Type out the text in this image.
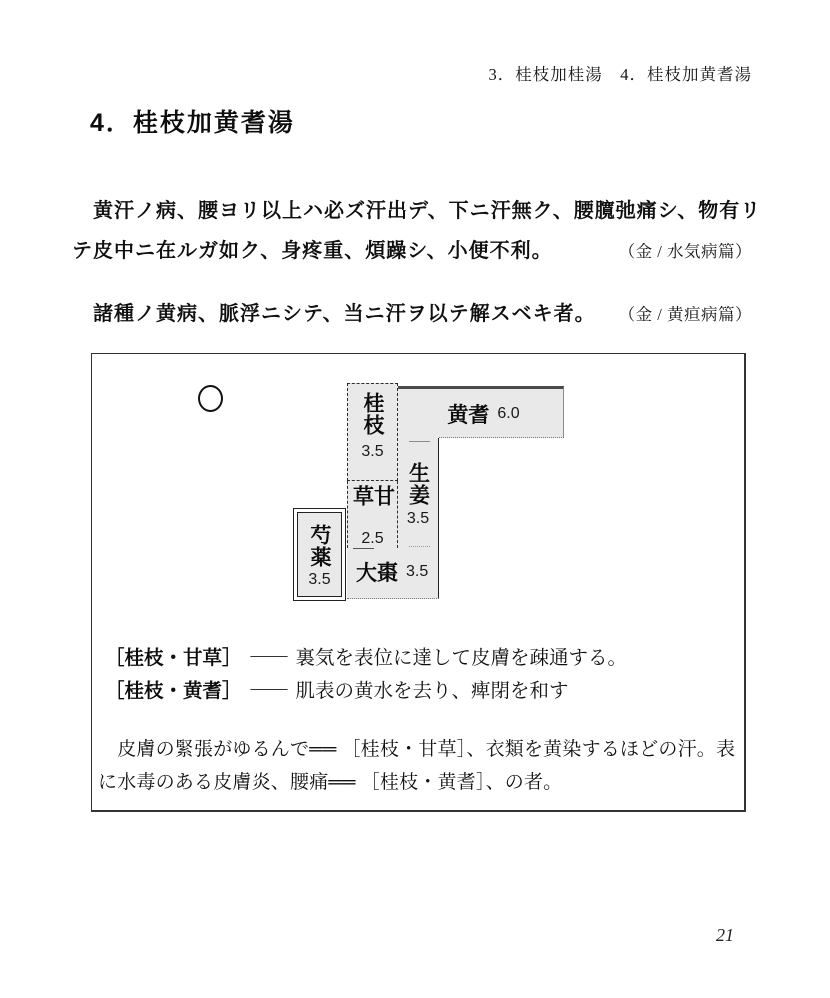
3．桂枝加桂湯　4．桂枝加黄耆湯
4．桂枝加黄耆湯
　黄汗ノ病、腰ヨリ以上ハ必ズ汗出デ、下ニ汗無ク、腰臗弛痛シ、物有リ
テ皮中ニ在ルガ如ク、身疼重、煩躁シ、小便不利。	（金 / 水気病篇）
　諸種ノ黄病、脈浮ニシテ、当ニ汗ヲ以テ解スベキ者。 （金 / 黄疸病篇）
桂枝
3.5
黄耆 6.0
生姜
3.5
甘草
2.5
大棗 3.5
芍薬
3.5
［桂枝・甘草］ ―― 裏気を表位に達して皮膚を疎通する。
［桂枝・黄耆］ ―― 肌表の黄水を去り、痺閉を和す
　皮膚の緊張がゆるんで══ ［桂枝・甘草］、衣類を黄染するほどの汗。表
に水毒のある皮膚炎、腰痛══ ［桂枝・黄耆］、の者。
21
